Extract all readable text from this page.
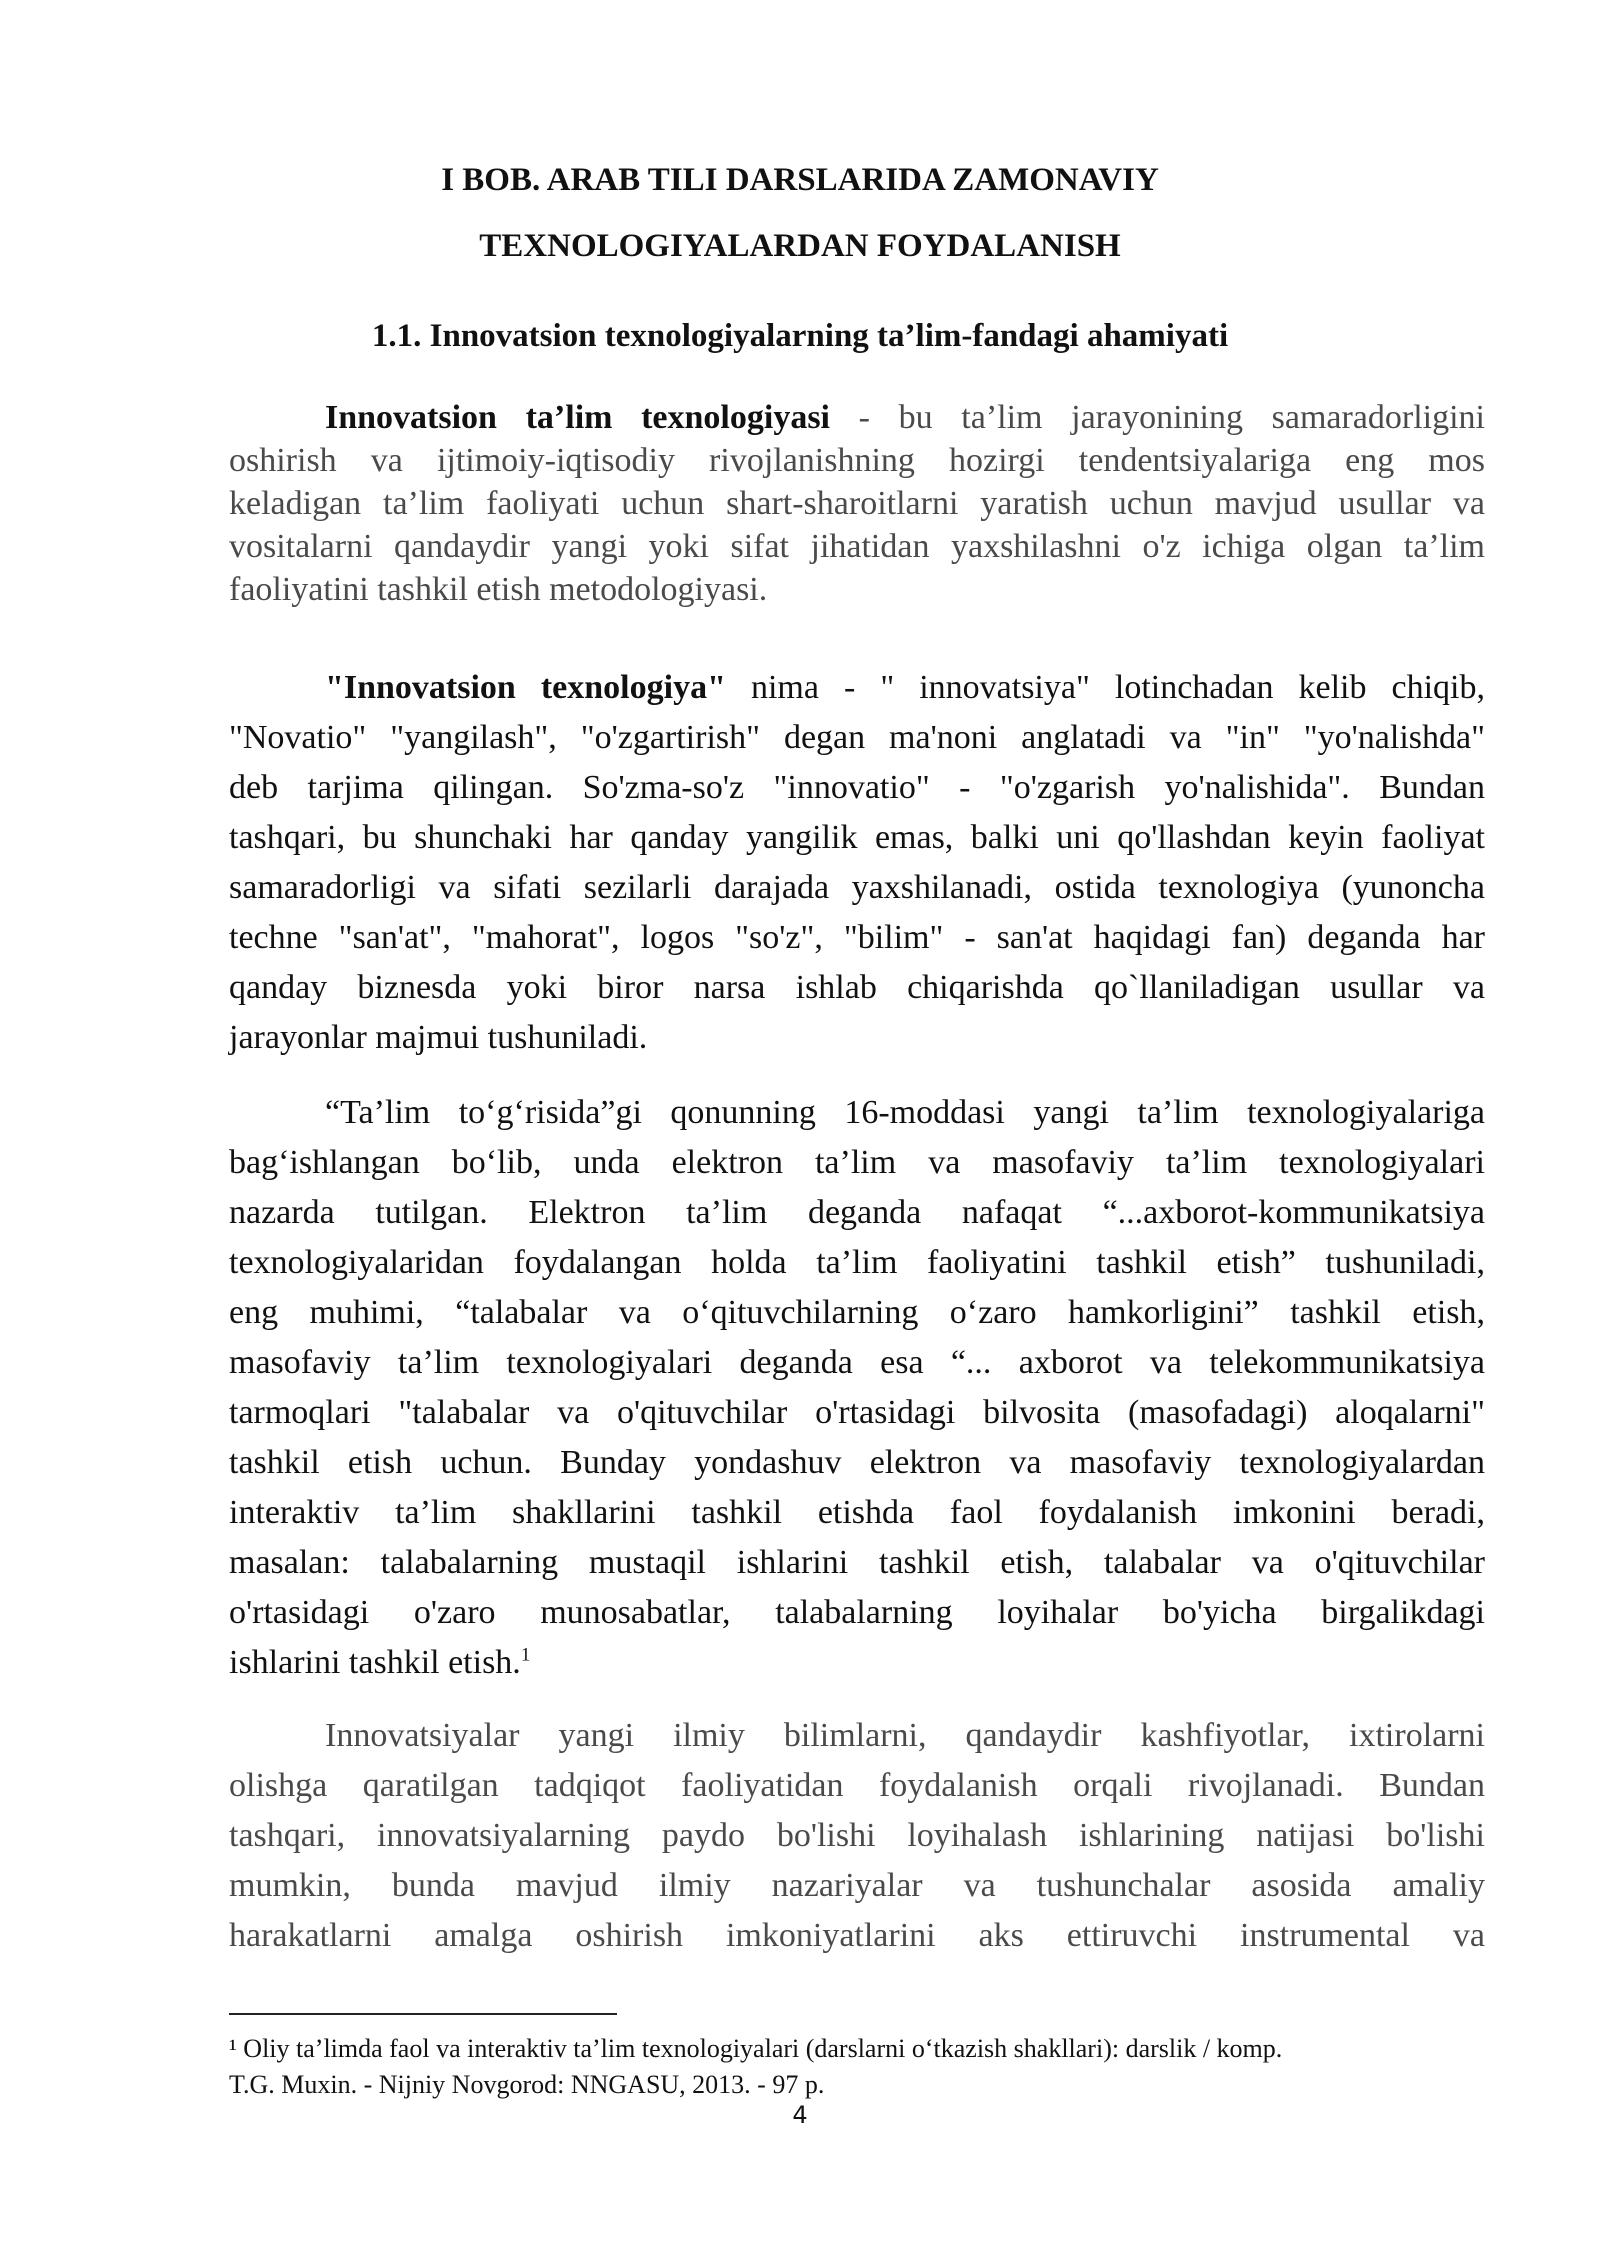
I BOB. ARAB TILI DARSLARIDA ZAMONAVIY
TEXNOLOGIYALARDAN FOYDALANISH
1.1. Innovatsion texnologiyalarning ta’lim-fandagi ahamiyati
Innovatsion ta’lim texnologiyasi - bu ta’lim jarayonining samaradorligini
oshirish va ijtimoiy-iqtisodiy rivojlanishning hozirgi tendentsiyalariga eng mos
keladigan ta’lim faoliyati uchun shart-sharoitlarni yaratish uchun mavjud usullar va
vositalarni qandaydir yangi yoki sifat jihatidan yaxshilashni o'z ichiga olgan ta’lim
faoliyatini tashkil etish metodologiyasi.
"Innovatsion texnologiya" nima - " innovatsiya" lotinchadan kelib chiqib,
"Novatio" "yangilash", "o'zgartirish" degan ma'noni anglatadi va "in" "yo'nalishda"
deb tarjima qilingan. So'zma-so'z "innovatio" - "o'zgarish yo'nalishida". Bundan
tashqari, bu shunchaki har qanday yangilik emas, balki uni qo'llashdan keyin faoliyat
samaradorligi va sifati sezilarli darajada yaxshilanadi, ostida texnologiya (yunoncha
techne "san'at", "mahorat", logos "so'z", "bilim" - san'at haqidagi fan) deganda har
qanday biznesda yoki biror narsa ishlab chiqarishda qo`llaniladigan usullar va
jarayonlar majmui tushuniladi.
“Ta’lim to‘g‘risida”gi qonunning 16-moddasi yangi ta’lim texnologiyalariga
bag‘ishlangan bo‘lib, unda elektron ta’lim va masofaviy ta’lim texnologiyalari
nazarda tutilgan. Elektron ta’lim deganda nafaqat “...axborot-kommunikatsiya
texnologiyalaridan foydalangan holda ta’lim faoliyatini tashkil etish” tushuniladi,
eng muhimi, “talabalar va o‘qituvchilarning o‘zaro hamkorligini” tashkil etish,
masofaviy ta’lim texnologiyalari deganda esa “... axborot va telekommunikatsiya
tarmoqlari "talabalar va o'qituvchilar o'rtasidagi bilvosita (masofadagi) aloqalarni"
tashkil etish uchun. Bunday yondashuv elektron va masofaviy texnologiyalardan
interaktiv ta’lim shakllarini tashkil etishda faol foydalanish imkonini beradi,
masalan: talabalarning mustaqil ishlarini tashkil etish, talabalar va o'qituvchilar
o'rtasidagi o'zaro munosabatlar, talabalarning loyihalar bo'yicha birgalikdagi
ishlarini tashkil etish.$^1$
Innovatsiyalar yangi ilmiy bilimlarni, qandaydir kashfiyotlar, ixtirolarni
olishga qaratilgan tadqiqot faoliyatidan foydalanish orqali rivojlanadi. Bundan
tashqari, innovatsiyalarning paydo bo'lishi loyihalash ishlarining natijasi bo'lishi
mumkin, bunda mavjud ilmiy nazariyalar va tushunchalar asosida amaliy
harakatlarni amalga oshirish imkoniyatlarini aks ettiruvchi instrumental va
¹ Oliy ta’limda faol va interaktiv ta’lim texnologiyalari (darslarni o‘tkazish shakllari): darslik / komp.
T.G. Muxin. - Nijniy Novgorod: NNGASU, 2013. - 97 p.
4
